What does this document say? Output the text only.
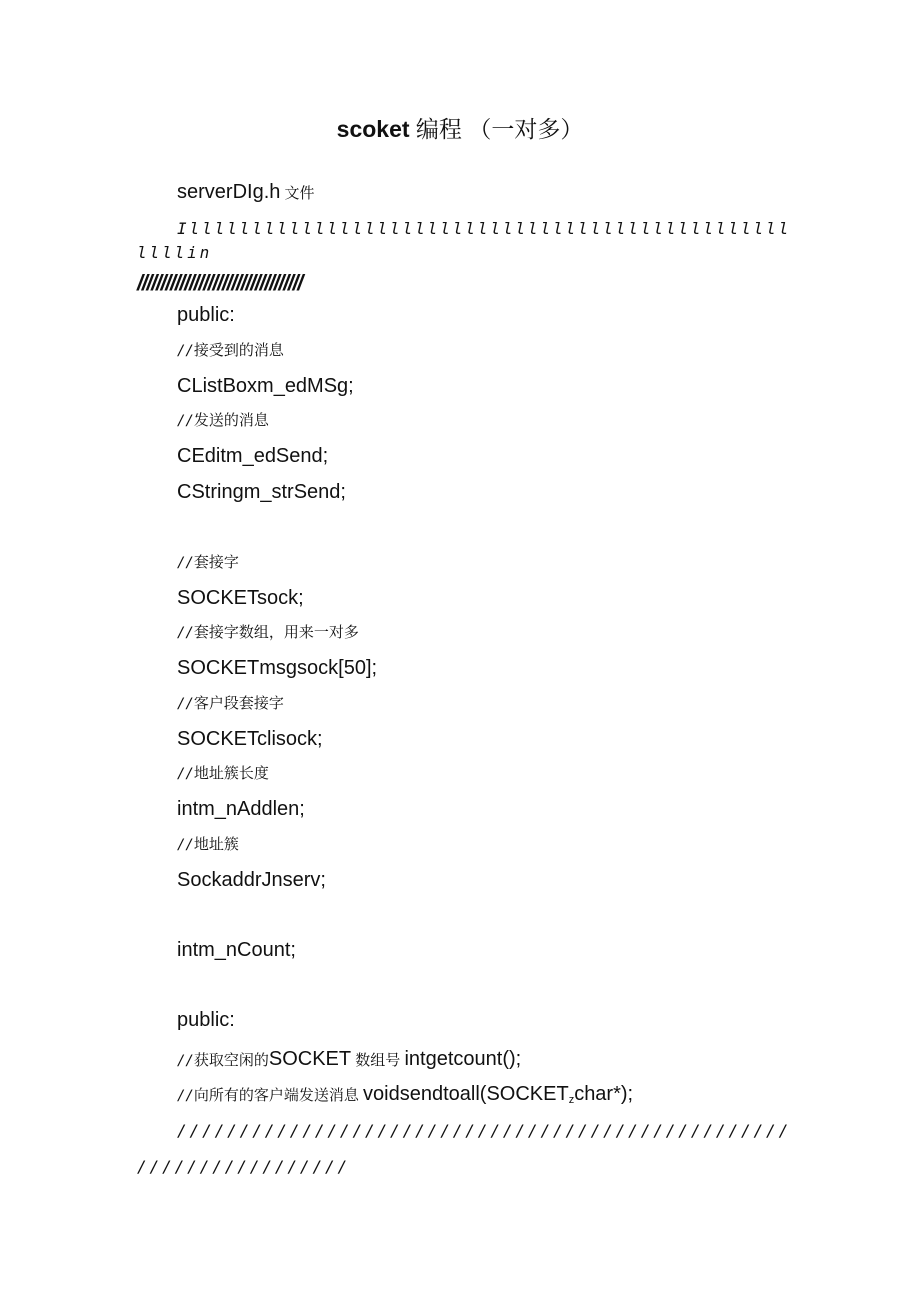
scoket 编程 （一对多）
serverDIg.h 文件
Illllllllllllllllllllllllllllllllllllllllllllllll
llllin
///////////////////////////////////
public:
//接受到的消息
CListBoxm_edMSg;
//发送的消息
CEditm_edSend;
CStringm_strSend;
//套接字
SOCKETsock;
//套接字数组，用来一对多
SOCKETmsgsock[50];
//客户段套接字
SOCKETclisock;
//地址簇长度
intm_nAddlen;
//地址簇
SockaddrJnserv;
intm_nCount;
public:
//获取空闲的SOCKET 数组号 intgetcount();
//向所有的客户端发送消息 $voidsendtoall(SOCKET_zchar*)$;
/////////////////////////////////////////////////
/////////////////
